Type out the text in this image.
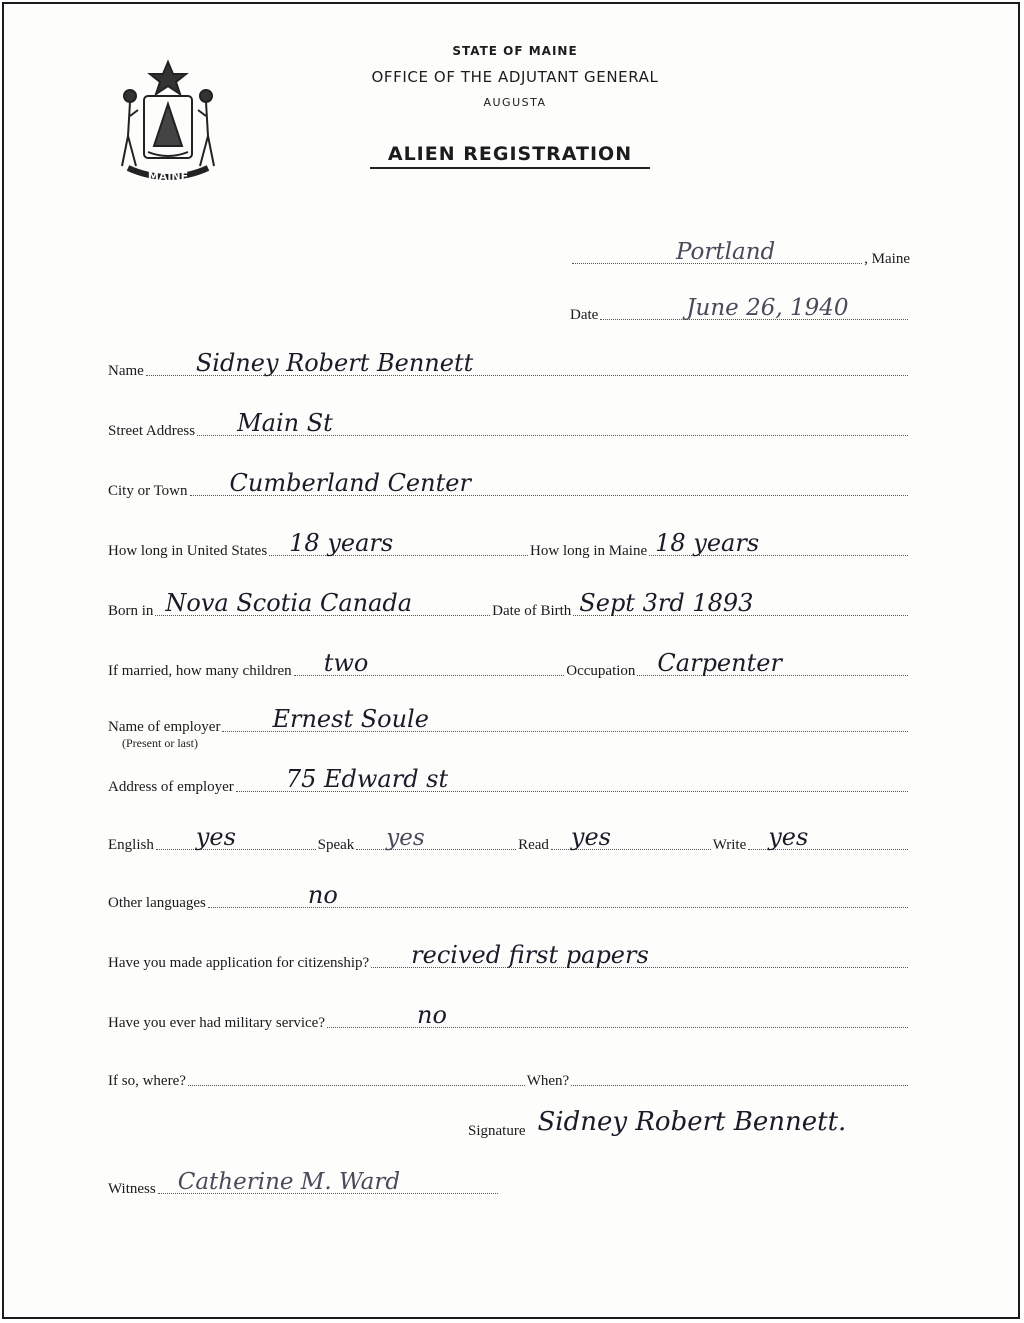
MAINE
STATE OF MAINE
OFFICE OF THE ADJUTANT GENERAL
AUGUSTA
ALIEN REGISTRATION
Portland	, Maine
Date	June 26, 1940
Name Sidney Robert Bennett
Street Address Main St
City or Town Cumberland Center
How long in United States 18 years	How long in Maine 18 years
Born in Nova Scotia Canada	Date of Birth Sept 3rd 1893
If married, how many children two	Occupation Carpenter
Name of employer Ernest Soule
(Present or last)
Address of employer 75 Edward st
English yes	Speak yes	Read yes	Write yes
Other languages	no
Have you made application for citizenship? recived first papers
Have you ever had military service?	no
If so, where?	When?
Signature Sidney Robert Bennett.
Witness Catherine M. Ward
